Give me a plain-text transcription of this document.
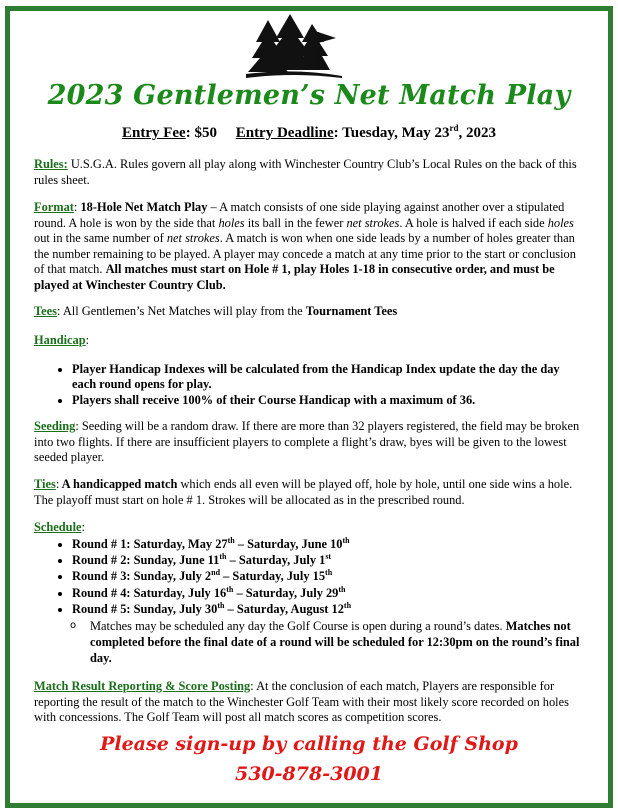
2023 Gentlemen’s Net Match Play
Entry Fee: $50 Entry Deadline: Tuesday, May 23rd, 2023
Rules: U.S.G.A. Rules govern all play along with Winchester Country Club’s Local Rules on the back of this rules sheet.
Format: 18-Hole Net Match Play – A match consists of one side playing against another over a stipulated round. A hole is won by the side that holes its ball in the fewer net strokes. A hole is halved if each side holes out in the same number of net strokes. A match is won when one side leads by a number of holes greater than the number remaining to be played. A player may concede a match at any time prior to the start or conclusion of that match. All matches must start on Hole # 1, play Holes 1-18 in consecutive order, and must be played at Winchester Country Club.
Tees: All Gentlemen’s Net Matches will play from the Tournament Tees
Handicap:
• Player Handicap Indexes will be calculated from the Handicap Index update the day the day each round opens for play.
• Players shall receive 100% of their Course Handicap with a maximum of 36.
Seeding: Seeding will be a random draw. If there are more than 32 players registered, the field may be broken into two flights. If there are insufficient players to complete a flight’s draw, byes will be given to the lowest seeded player.
Ties: A handicapped match which ends all even will be played off, hole by hole, until one side wins a hole. The playoff must start on hole # 1. Strokes will be allocated as in the prescribed round.
Schedule:
• Round # 1: Saturday, May 27th – Saturday, June 10th
• Round # 2: Sunday, June 11th – Saturday, July 1st
• Round # 3: Sunday, July 2nd – Saturday, July 15th
• Round # 4: Saturday, July 16th – Saturday, July 29th
• Round # 5: Sunday, July 30th – Saturday, August 12th
o Matches may be scheduled any day the Golf Course is open during a round’s dates. Matches not completed before the final date of a round will be scheduled for 12:30pm on the round’s final day.
Match Result Reporting & Score Posting: At the conclusion of each match, Players are responsible for reporting the result of the match to the Winchester Golf Team with their most likely score recorded on holes with concessions. The Golf Team will post all match scores as competition scores.
Please sign-up by calling the Golf Shop
530-878-3001
